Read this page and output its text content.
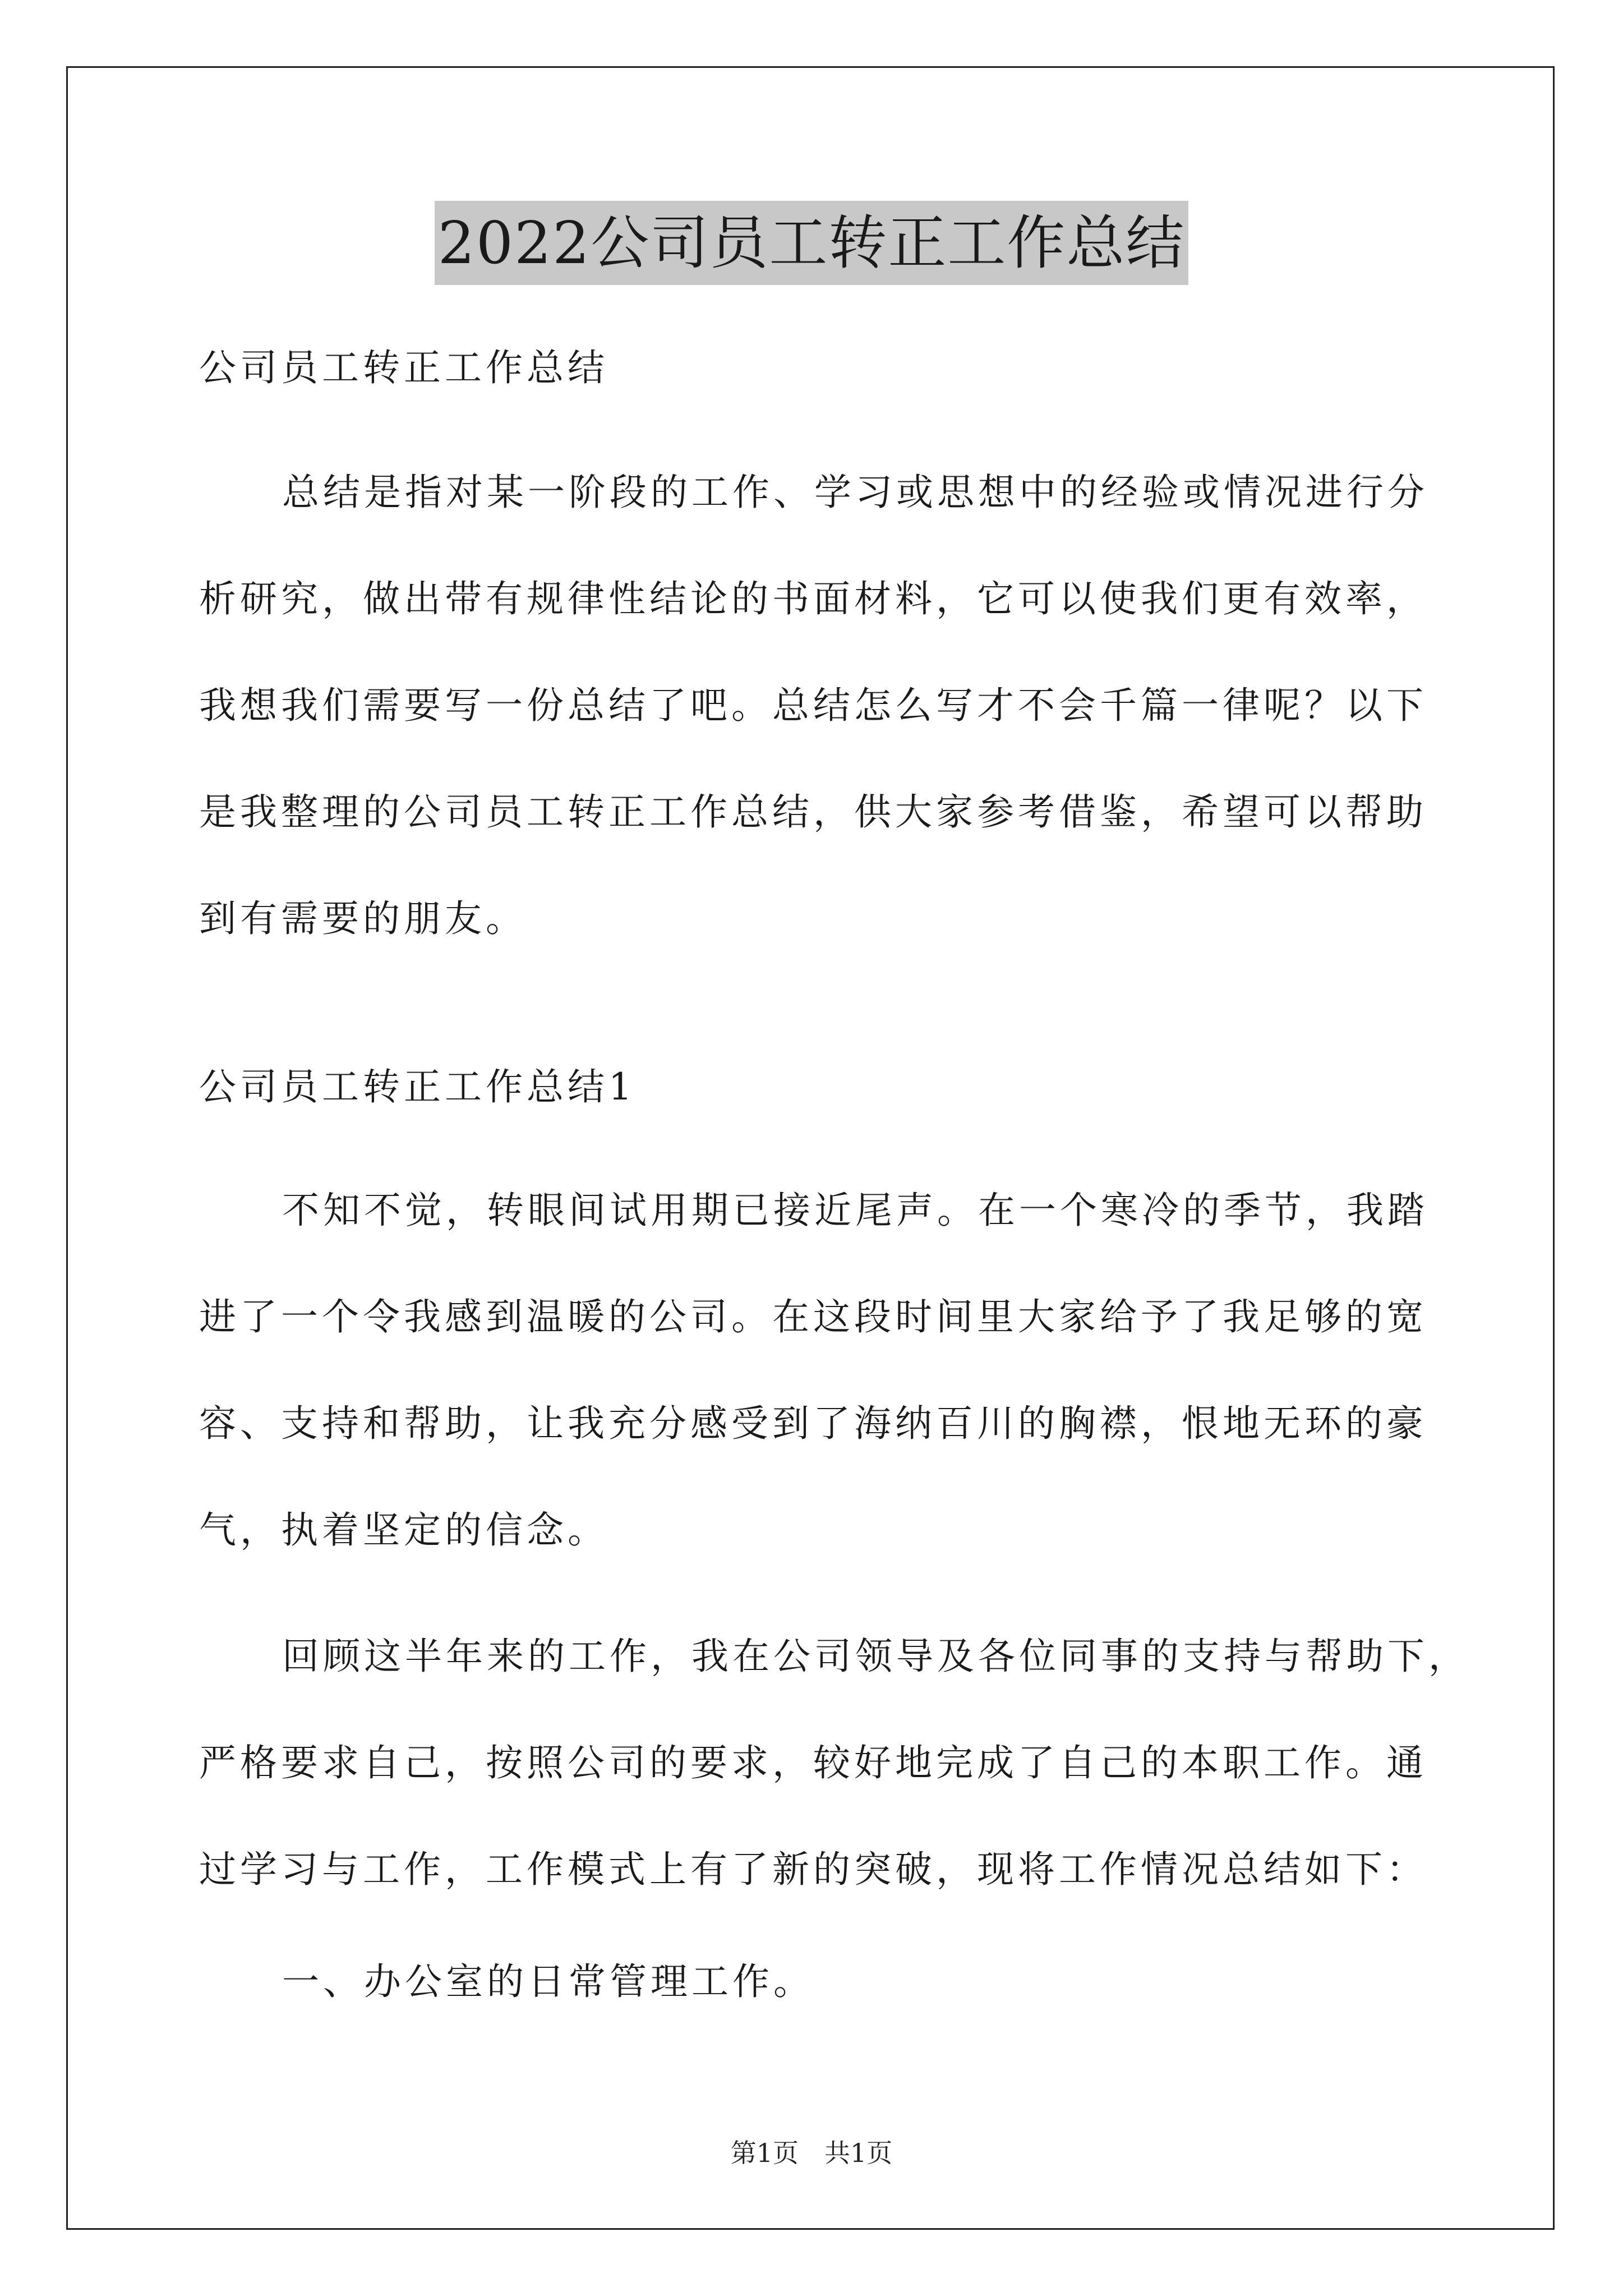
2022公司员工转正工作总结
公司员工转正工作总结
总结是指对某一阶段的工作、学习或思想中的经验或情况进行分
析研究，做出带有规律性结论的书面材料，它可以使我们更有效率，
我想我们需要写一份总结了吧。总结怎么写才不会千篇一律呢？以下
是我整理的公司员工转正工作总结，供大家参考借鉴，希望可以帮助
到有需要的朋友。
公司员工转正工作总结1
不知不觉，转眼间试用期已接近尾声。在一个寒冷的季节，我踏
进了一个令我感到温暖的公司。在这段时间里大家给予了我足够的宽
容、支持和帮助，让我充分感受到了海纳百川的胸襟，恨地无环的豪
气，执着坚定的信念。
回顾这半年来的工作，我在公司领导及各位同事的支持与帮助下，
严格要求自己，按照公司的要求，较好地完成了自己的本职工作。通
过学习与工作，工作模式上有了新的突破，现将工作情况总结如下：
一、办公室的日常管理工作。
第1页 共1页
